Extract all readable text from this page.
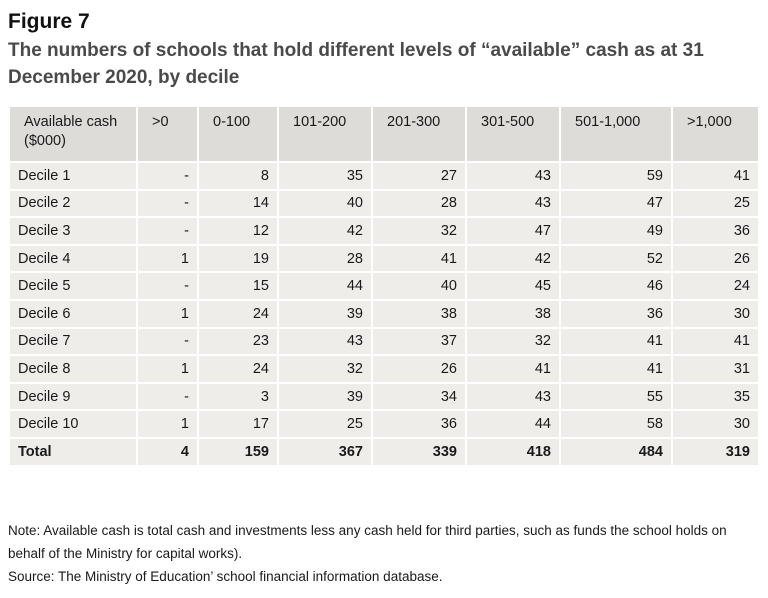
Figure 7
The numbers of schools that hold different levels of “available” cash as at 31 December 2020, by decile
Available cash ($000)	>0	0-100	101-200	201-300	301-500	501-1,000	>1,000
Decile 1	-	8	35	27	43	59	41
Decile 2	-	14	40	28	43	47	25
Decile 3	-	12	42	32	47	49	36
Decile 4	1	19	28	41	42	52	26
Decile 5	-	15	44	40	45	46	24
Decile 6	1	24	39	38	38	36	30
Decile 7	-	23	43	37	32	41	41
Decile 8	1	24	32	26	41	41	31
Decile 9	-	3	39	34	43	55	35
Decile 10	1	17	25	36	44	58	30
Total	4	159	367	339	418	484	319
Note: Available cash is total cash and investments less any cash held for third parties, such as funds the school holds on behalf of the Ministry for capital works).
Source: The Ministry of Education’ school financial information database.
